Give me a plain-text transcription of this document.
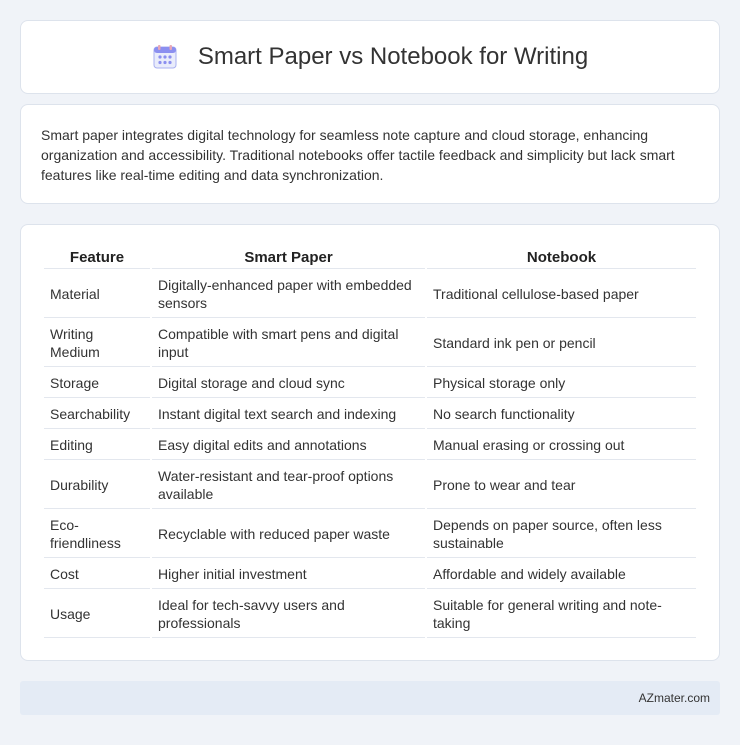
Smart Paper vs Notebook for Writing

Smart paper integrates digital technology for seamless note capture and cloud storage, enhancing organization and accessibility. Traditional notebooks offer tactile feedback and simplicity but lack smart features like real-time editing and data synchronization.

Feature	Smart Paper	Notebook
Material	Digitally-enhanced paper with embedded sensors	Traditional cellulose-based paper
Writing Medium	Compatible with smart pens and digital input	Standard ink pen or pencil
Storage	Digital storage and cloud sync	Physical storage only
Searchability	Instant digital text search and indexing	No search functionality
Editing	Easy digital edits and annotations	Manual erasing or crossing out
Durability	Water-resistant and tear-proof options available	Prone to wear and tear
Eco-friendliness	Recyclable with reduced paper waste	Depends on paper source, often less sustainable
Cost	Higher initial investment	Affordable and widely available
Usage	Ideal for tech-savvy users and professionals	Suitable for general writing and note-taking
AZmater.com
